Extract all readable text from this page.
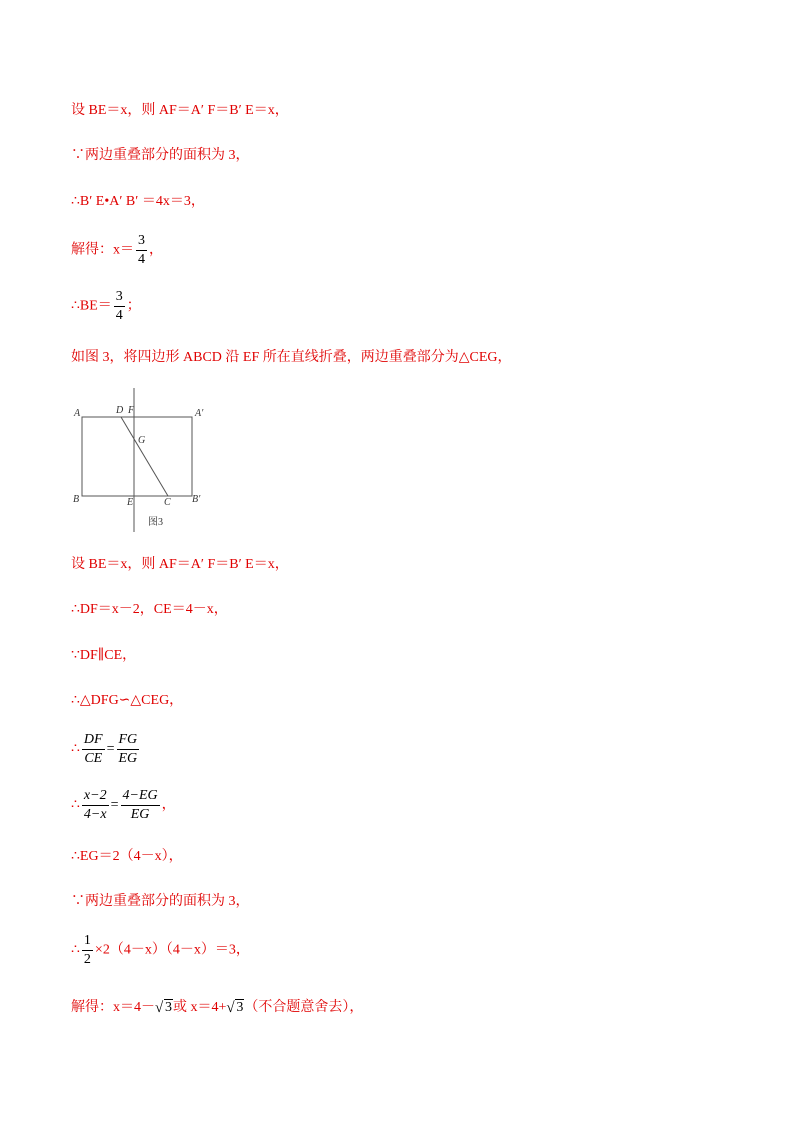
设 BE＝x，则 AF＝A′ F＝B′ E＝x，
∵两边重叠部分的面积为 3，
∴B′ E•A′ B′ ＝4x＝3，
解得：$x= \frac{3}{4}$ ，
∴BE＝ $\frac{3}{4}$ ；
如图 3，将四边形 ABCD 沿 EF 所在直线折叠，两边重叠部分为△CEG，
A	D F	A′
G
B	E	C B′
图3
设 BE＝x，则 AF＝A′ F＝B′ E＝x，
∴DF＝x－2，CE＝4－x，
∵DF∥CE，
∴△DFG∽△CEG，
∴ $\frac{DF}{CE} = \frac{FG}{EG}$
∴ $\frac{x-2}{4-x} = \frac{4-EG}{EG}$ ，
∴EG＝2（4－x），
∵两边重叠部分的面积为 3，
∴ $\frac{1}{2} \times 2(4-x)(4-x)=3$，
解得：x＝4－ √ 3或 x＝4+ √ 3（不合题意舍去），
